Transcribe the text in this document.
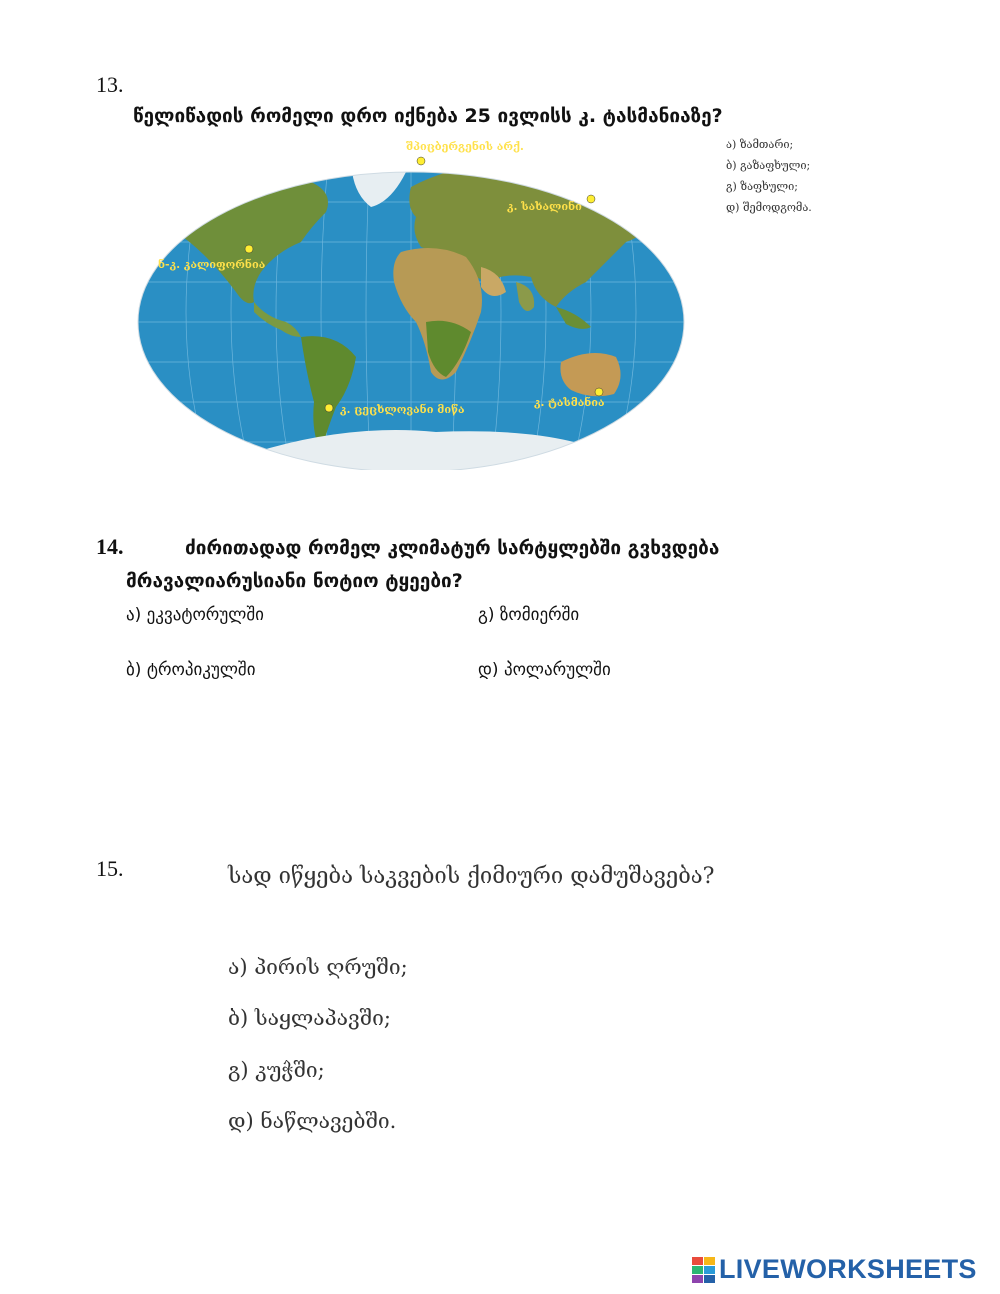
13.
წელიწადის რომელი დრო იქნება 25 ივლისს კ. ტასმანიაზე?
შპიცბერგენის არქ.
კ. სახალინი
ნ-კ. კალიფორნია
კ. ცეცხლოვანი მიწა
კ. ტასმანია
ა) ზამთარი;
ბ) გაზაფხული;
გ) ზაფხული;
დ) შემოდგომა.
14.	ძირითადად რომელ კლიმატურ სარტყლებში გვხვდება
მრავალიარუსიანი ნოტიო ტყეები?
ა) ეკვატორულში	გ) ზომიერში
ბ) ტროპიკულში	დ) პოლარულში
15.	სად იწყება საკვების ქიმიური დამუშავება?
ა) პირის ღრუში;
ბ) საყლაპავში;
გ) კუჭში;
დ) ნაწლავებში.
LIVEWORKSHEETS
